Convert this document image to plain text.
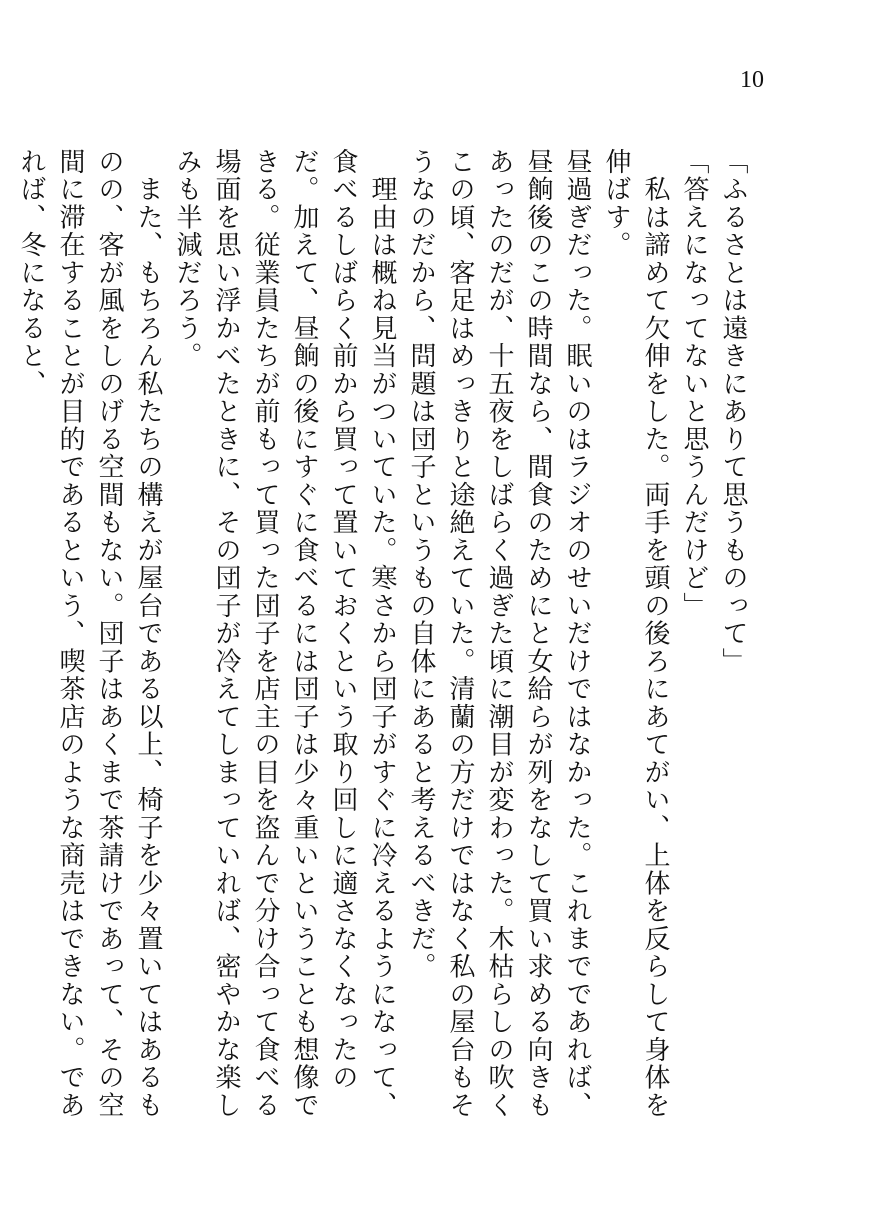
10

「ふるさとは遠きにありて思うものって」

「答えになってないと思うんだけど」

　私は諦めて欠伸をした。両手を頭の後ろにあてがい、上体を反らして身体を伸ばす。

昼過ぎだった。眠いのはラジオのせいだけではなかった。これまでであれば、昼餉後のこの時間なら、間食のためにと女給らが列をなして買い求める向きもあったのだが、十五夜をしばらく過ぎた頃に潮目が変わった。木枯らしの吹くこの頃、客足はめっきりと途絶えていた。清蘭の方だけではなく私の屋台もそうなのだから、問題は団子というもの自体にあると考えるべきだ。

　理由は概ね見当がついていた。寒さから団子がすぐに冷えるようになって、食べるしばらく前から買って置いておくという取り回しに適さなくなったのだ。加えて、昼餉の後にすぐに食べるには団子は少々重いということも想像できる。従業員たちが前もって買った団子を店主の目を盗んで分け合って食べる場面を思い浮かべたときに、その団子が冷えてしまっていれば、密やかな楽しみも半減だろう。

　また、もちろん私たちの構えが屋台である以上、椅子を少々置いてはあるものの、客が風をしのげる空間もない。団子はあくまで茶請けであって、その空間に滞在することが目的であるという、喫茶店のような商売はできない。であれば、冬になると、
